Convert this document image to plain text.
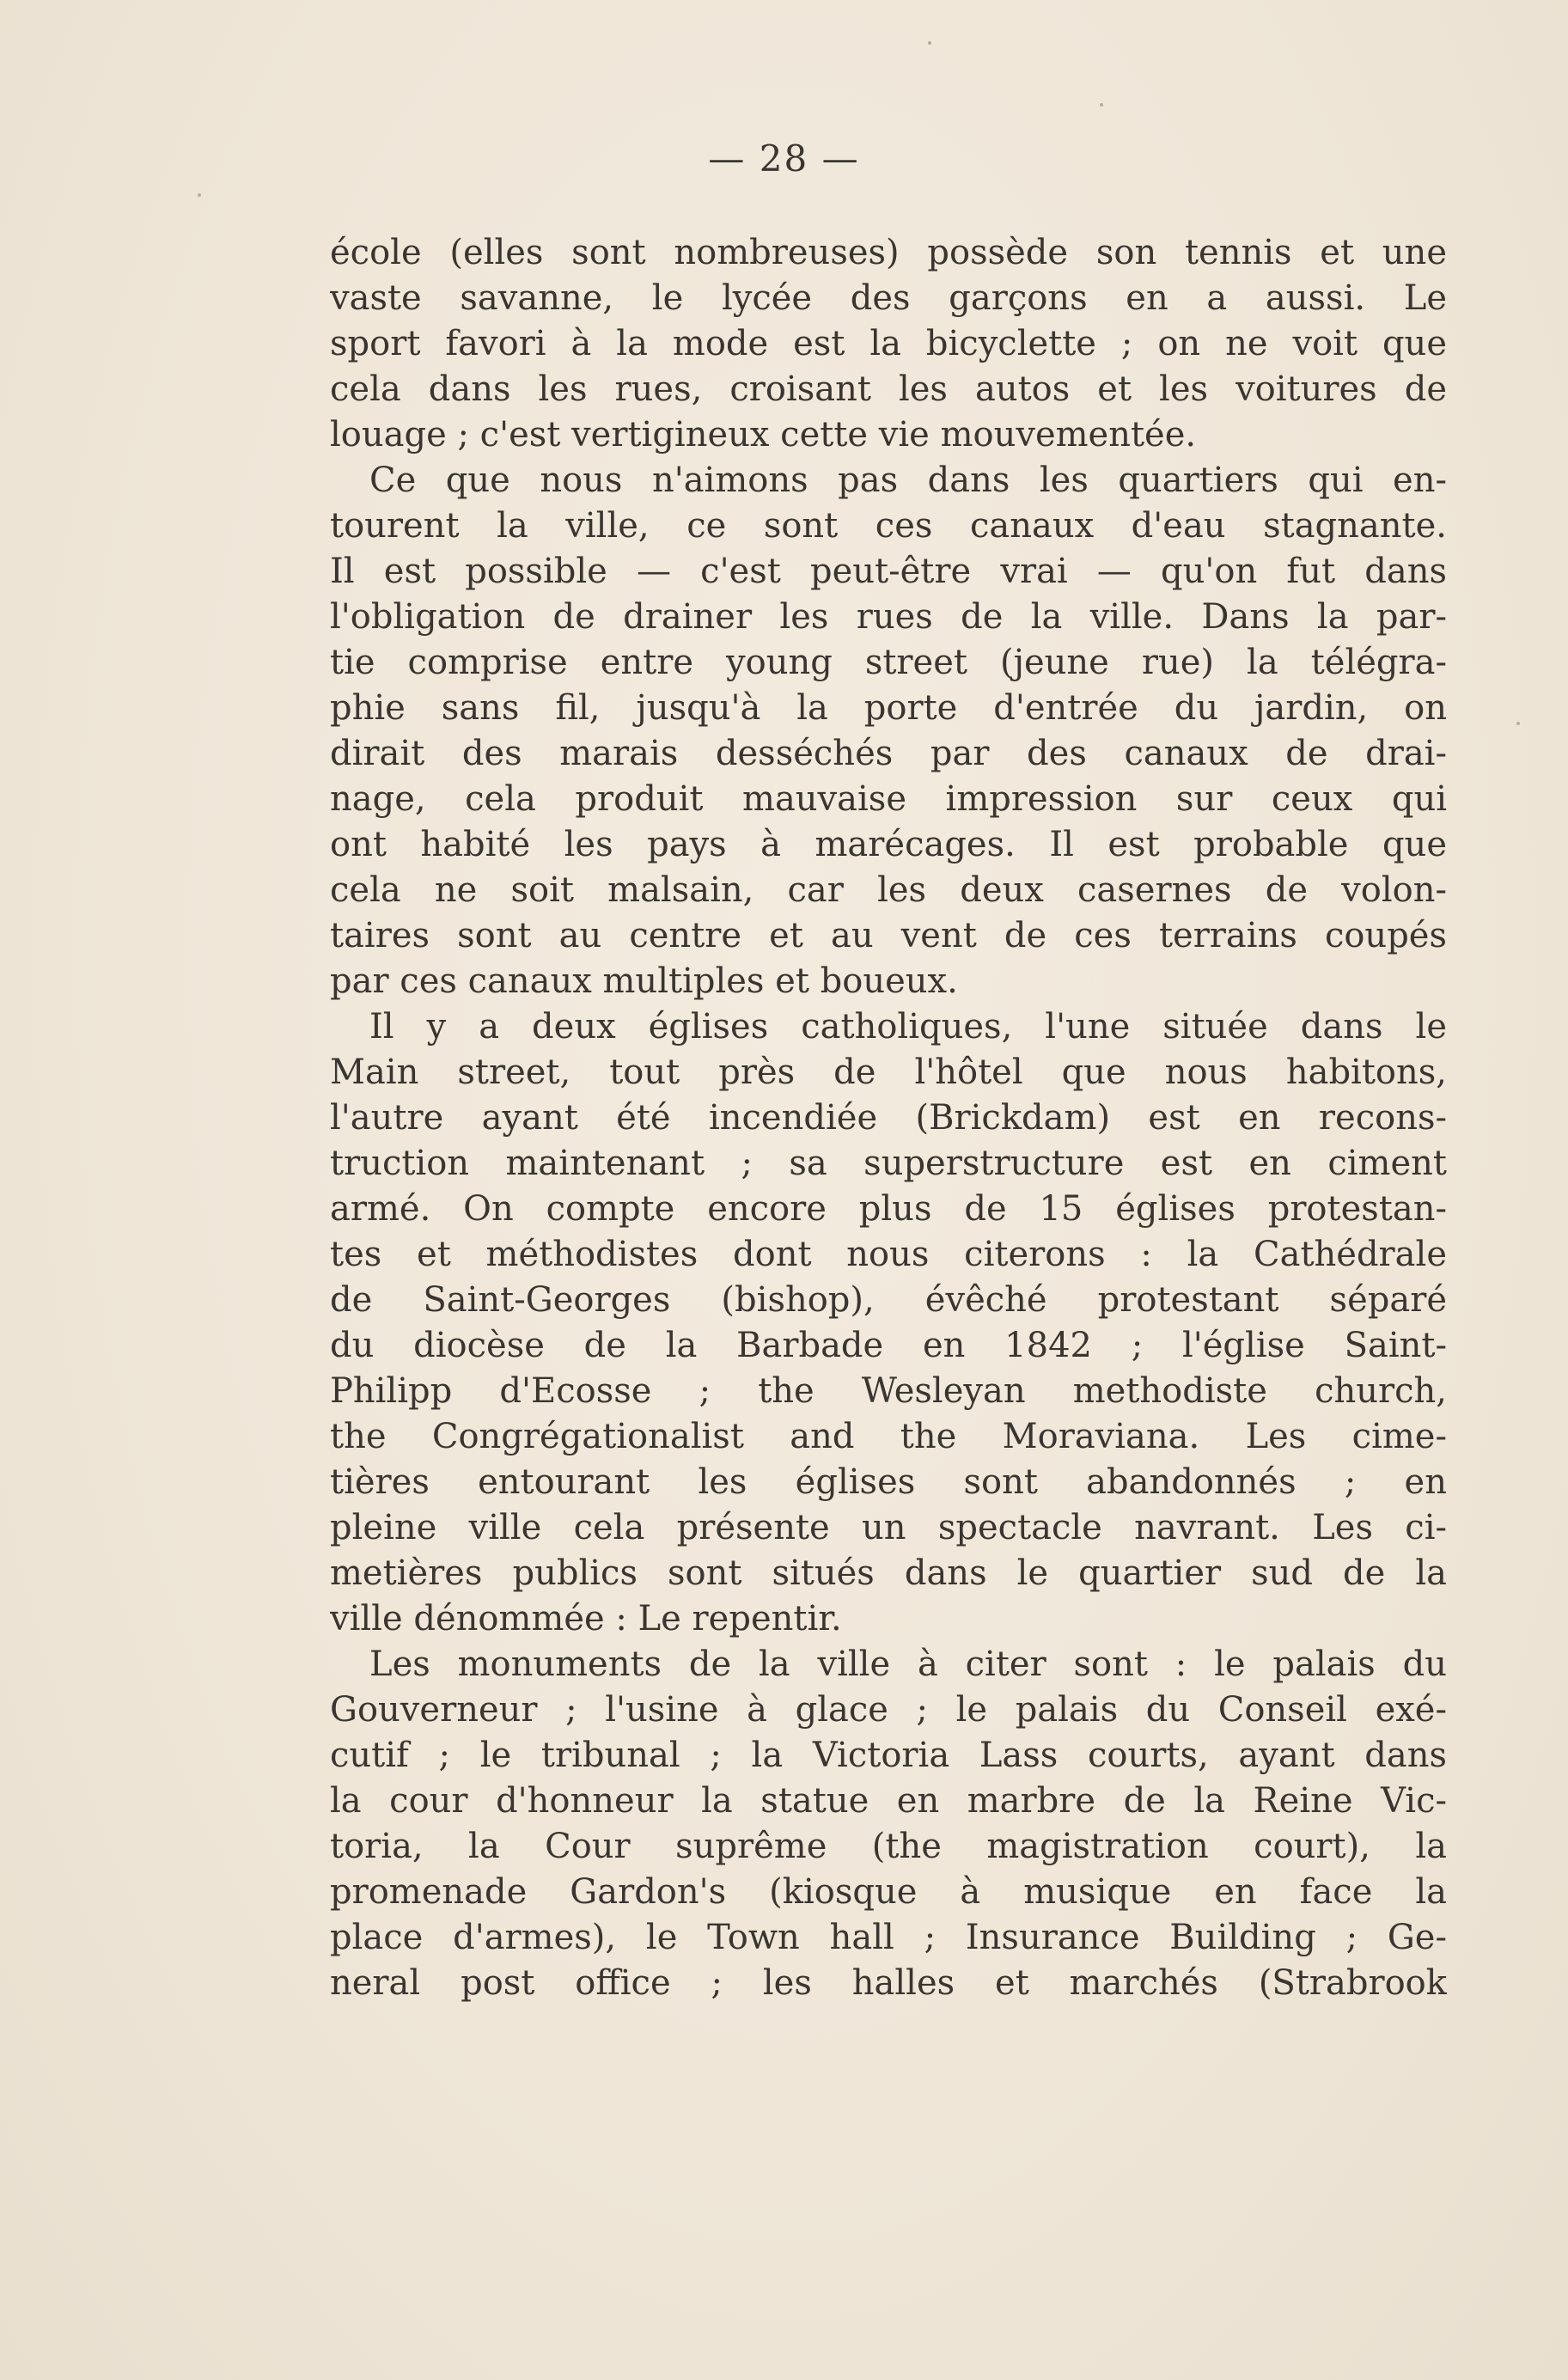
— 28 —
école (elles sont nombreuses) possède son tennis et une
vaste savanne, le lycée des garçons en a aussi. Le
sport favori à la mode est la bicyclette ; on ne voit que
cela dans les rues, croisant les autos et les voitures de
louage ; c'est vertigineux cette vie mouvementée.
Ce que nous n'aimons pas dans les quartiers qui en-
tourent la ville, ce sont ces canaux d'eau stagnante.
Il est possible — c'est peut-être vrai — qu'on fut dans
l'obligation de drainer les rues de la ville. Dans la par-
tie comprise entre young street (jeune rue) la télégra-
phie sans fil, jusqu'à la porte d'entrée du jardin, on
dirait des marais desséchés par des canaux de drai-
nage, cela produit mauvaise impression sur ceux qui
ont habité les pays à marécages. Il est probable que
cela ne soit malsain, car les deux casernes de volon-
taires sont au centre et au vent de ces terrains coupés
par ces canaux multiples et boueux.
Il y a deux églises catholiques, l'une située dans le
Main street, tout près de l'hôtel que nous habitons,
l'autre ayant été incendiée (Brickdam) est en recons-
truction maintenant ; sa superstructure est en ciment
armé. On compte encore plus de 15 églises protestan-
tes et méthodistes dont nous citerons : la Cathédrale
de Saint-Georges (bishop), évêché protestant séparé
du diocèse de la Barbade en 1842 ; l'église Saint-
Philipp d'Ecosse ; the Wesleyan methodiste church,
the Congrégationalist and the Moraviana. Les cime-
tières entourant les églises sont abandonnés ; en
pleine ville cela présente un spectacle navrant. Les ci-
metières publics sont situés dans le quartier sud de la
ville dénommée : Le repentir.
Les monuments de la ville à citer sont : le palais du
Gouverneur ; l'usine à glace ; le palais du Conseil exé-
cutif ; le tribunal ; la Victoria Lass courts, ayant dans
la cour d'honneur la statue en marbre de la Reine Vic-
toria, la Cour suprême (the magistration court), la
promenade Gardon's (kiosque à musique en face la
place d'armes), le Town hall ; Insurance Building ; Ge-
neral post office ; les halles et marchés (Strabrook
